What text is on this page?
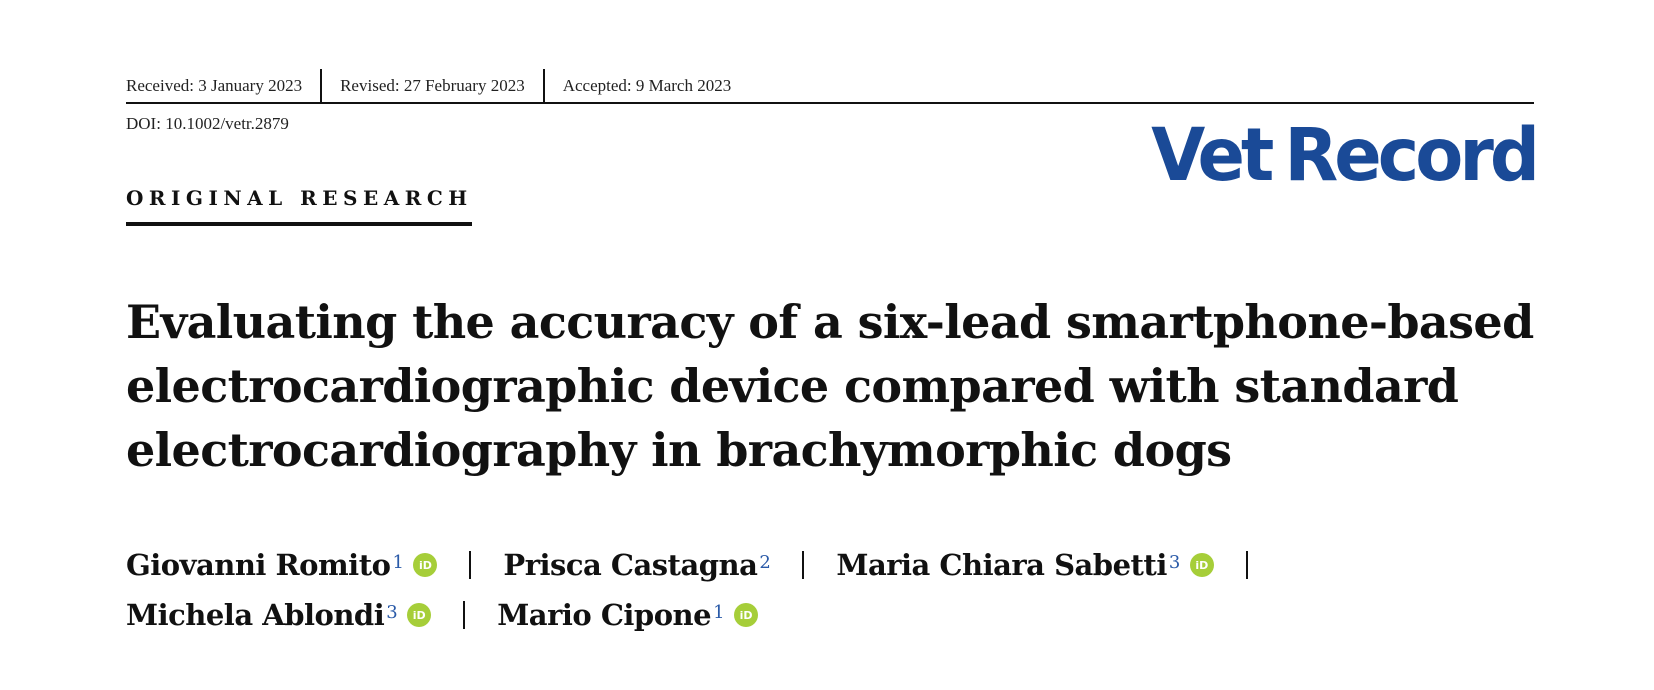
Received: 3 January 2023 Revised: 27 February 2023 Accepted: 9 March 2023
DOI: 10.1002/vetr.2879	Vet Record
ORIGINAL RESEARCH
Evaluating the accuracy of a six-lead smartphone-based
electrocardiographic device compared with standard
electrocardiography in brachymorphic dogs
Giovanni Romito$^1$	iD Prisca Castagna$^2$ Maria Chiara Sabetti$^3$	iD
Michela Ablondi$^3$	iD Mario Cipone$^1$	iD
